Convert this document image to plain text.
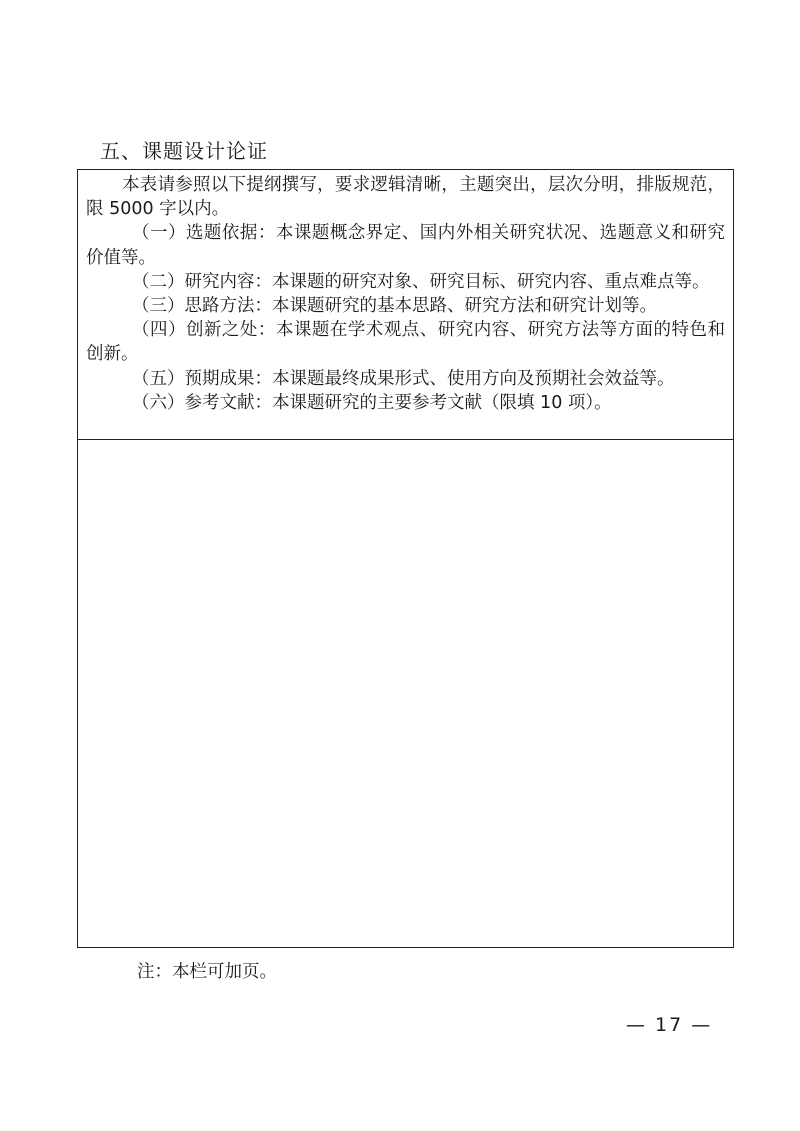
五、课题设计论证

本表请参照以下提纲撰写，要求逻辑清晰，主题突出，层次分明，排版规范，限 5000 字以内。

（一）选题依据：本课题概念界定、国内外相关研究状况、选题意义和研究价值等。

（二）研究内容：本课题的研究对象、研究目标、研究内容、重点难点等。

（三）思路方法：本课题研究的基本思路、研究方法和研究计划等。

（四）创新之处：本课题在学术观点、研究内容、研究方法等方面的特色和创新。

（五）预期成果：本课题最终成果形式、使用方向及预期社会效益等。

（六）参考文献：本课题研究的主要参考文献（限填 10 项）。

注：本栏可加页。
— 17 —
